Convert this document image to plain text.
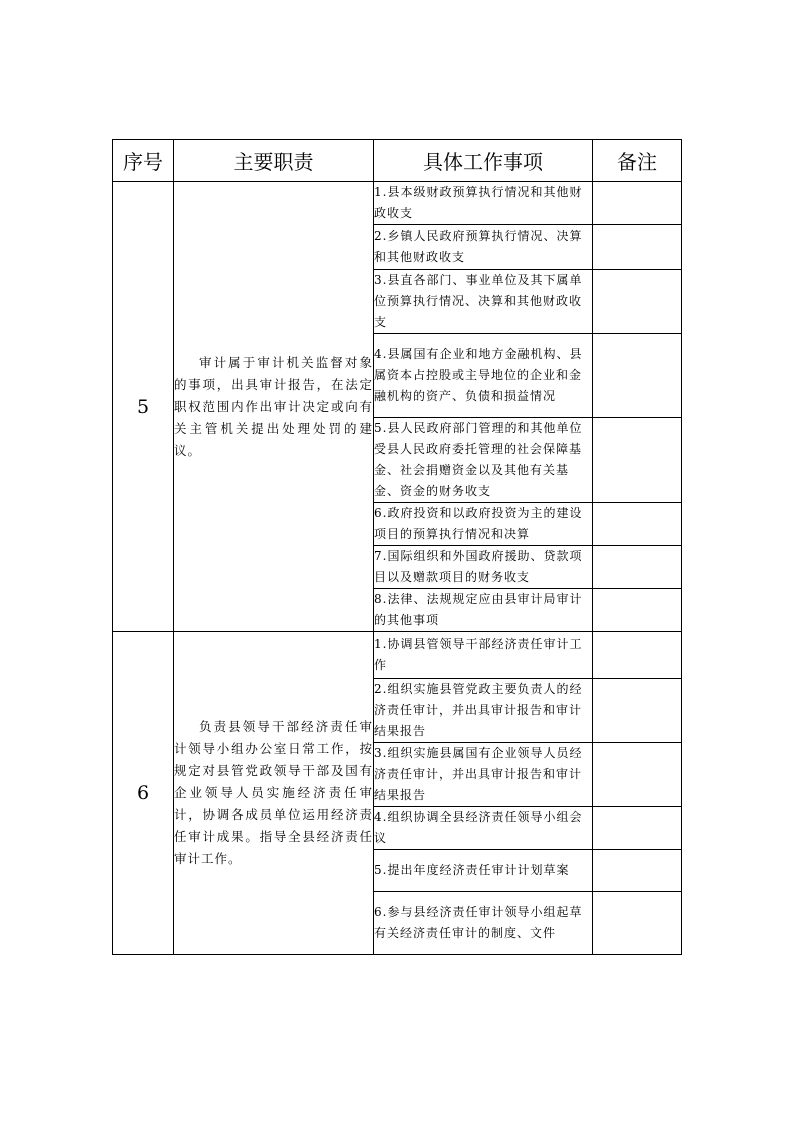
序号	主要职责	具体工作事项	备注
5	审计属于审计机关监督对象的事项，出具审计报告，在法定职权范围内作出审计决定或向有关主管机关提出处理处罚的建议。	1.县本级财政预算执行情况和其他财政收支	
		2.乡镇人民政府预算执行情况、决算和其他财政收支	
		3.县直各部门、事业单位及其下属单位预算执行情况、决算和其他财政收支	
		4.县属国有企业和地方金融机构、县属资本占控股或主导地位的企业和金融机构的资产、负债和损益情况	
		5.县人民政府部门管理的和其他单位受县人民政府委托管理的社会保障基金、社会捐赠资金以及其他有关基金、资金的财务收支	
		6.政府投资和以政府投资为主的建设项目的预算执行情况和决算	
		7.国际组织和外国政府援助、贷款项目以及赠款项目的财务收支	
		8.法律、法规规定应由县审计局审计的其他事项	
6	负责县领导干部经济责任审计领导小组办公室日常工作，按规定对县管党政领导干部及国有企业领导人员实施经济责任审计，协调各成员单位运用经济责任审计成果。指导全县经济责任审计工作。	1.协调县管领导干部经济责任审计工作	
		2.组织实施县管党政主要负责人的经济责任审计，并出具审计报告和审计结果报告	
		3.组织实施县属国有企业领导人员经济责任审计，并出具审计报告和审计结果报告	
		4.组织协调全县经济责任领导小组会议	
		5.提出年度经济责任审计计划草案	
		6.参与县经济责任审计领导小组起草有关经济责任审计的制度、文件	
